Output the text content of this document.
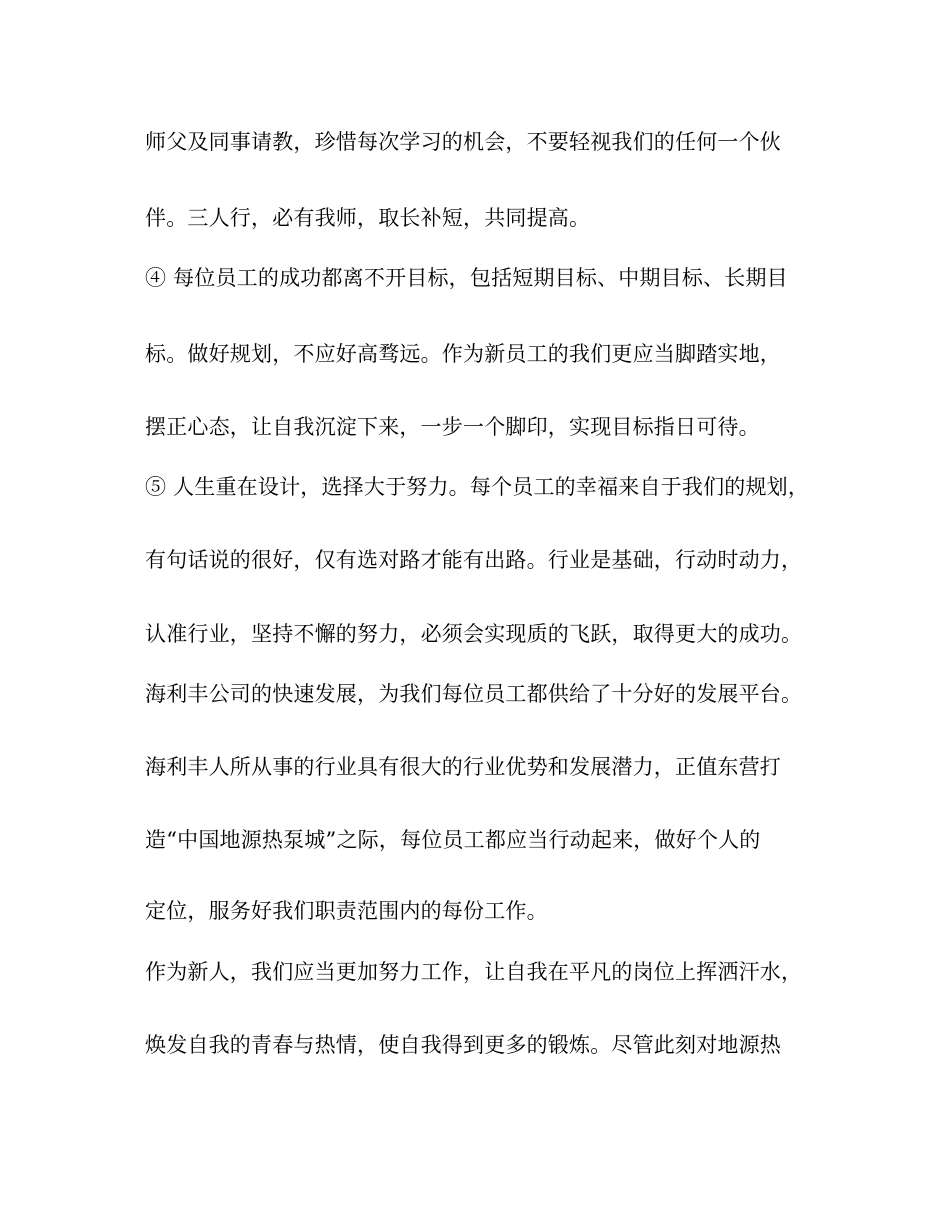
师父及同事请教，珍惜每次学习的机会，不要轻视我们的任何一个伙
伴。三人行，必有我师，取长补短，共同提高。
④ 每位员工的成功都离不开目标，包括短期目标、中期目标、长期目
标。做好规划，不应好高骛远。作为新员工的我们更应当脚踏实地，
摆正心态，让自我沉淀下来，一步一个脚印，实现目标指日可待。
⑤ 人生重在设计，选择大于努力。每个员工的幸福来自于我们的规划，
有句话说的很好，仅有选对路才能有出路。行业是基础，行动时动力，
认准行业，坚持不懈的努力，必须会实现质的飞跃，取得更大的成功。
海利丰公司的快速发展，为我们每位员工都供给了十分好的发展平台。
海利丰人所从事的行业具有很大的行业优势和发展潜力，正值东营打
造“中国地源热泵城”之际，每位员工都应当行动起来，做好个人的
定位，服务好我们职责范围内的每份工作。
作为新人，我们应当更加努力工作，让自我在平凡的岗位上挥洒汗水，
焕发自我的青春与热情，使自我得到更多的锻炼。尽管此刻对地源热
